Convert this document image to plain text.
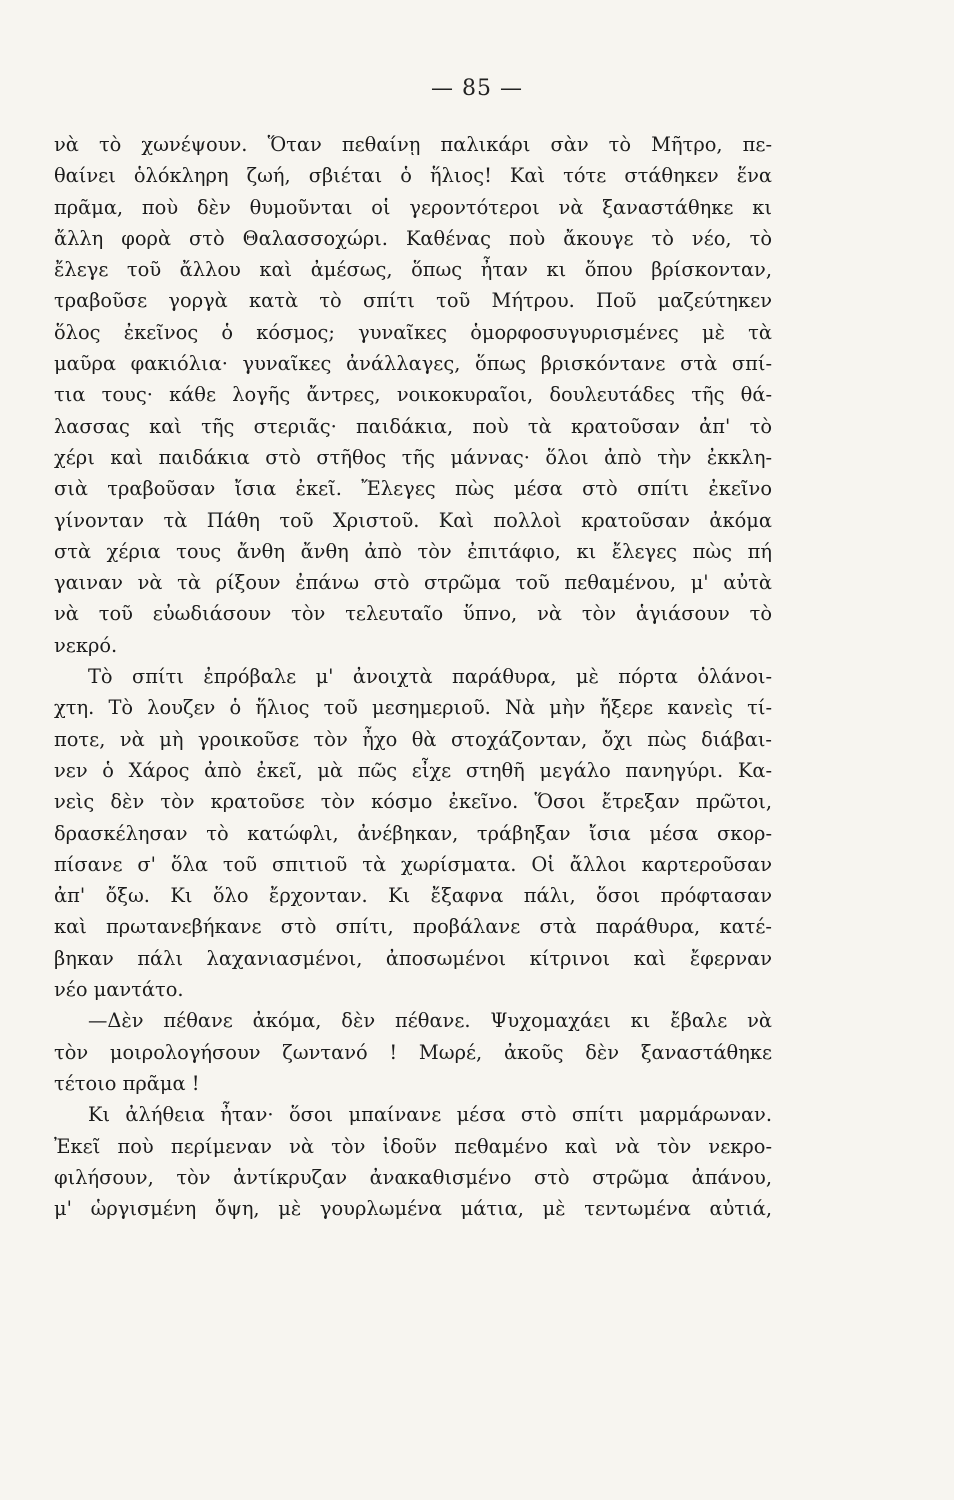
— 85 —
νὰ τὸ χωνέψουν. Ὅταν πεθαίνῃ παλικάρι σὰν τὸ Μῆτρο, πε-
θαίνει ὁλόκληρη ζωή, σβιέται ὁ ἥλιος! Καὶ τότε στάθηκεν ἕνα
πρᾶμα, ποὺ δὲν θυμοῦνται οἱ γεροντότεροι νὰ ξαναστάθηκε κι
ἄλλη φορὰ στὸ Θαλασσοχώρι. Καθένας ποὺ ἄκουγε τὸ νέο, τὸ
ἔλεγε τοῦ ἄλλου καὶ ἀμέσως, ὅπως ἦταν κι ὅπου βρίσκονταν,
τραβοῦσε γοργὰ κατὰ τὸ σπίτι τοῦ Μήτρου. Ποῦ μαζεύτηκεν
ὅλος ἐκεῖνος ὁ κόσμος; γυναῖκες ὁμορφοσυγυρισμένες μὲ τὰ
μαῦρα φακιόλια· γυναῖκες ἀνάλλαγες, ὅπως βρισκόντανε στὰ σπί-
τια τους· κάθε λογῆς ἄντρες, νοικοκυραῖοι, δουλευτάδες τῆς θά-
λασσας καὶ τῆς στεριᾶς· παιδάκια, ποὺ τὰ κρατοῦσαν ἀπ' τὸ
χέρι καὶ παιδάκια στὸ στῆθος τῆς μάννας· ὅλοι ἀπὸ τὴν ἐκκλη-
σιὰ τραβοῦσαν ἴσια ἐκεῖ. Ἔλεγες πὼς μέσα στὸ σπίτι ἐκεῖνο
γίνονταν τὰ Πάθη τοῦ Χριστοῦ. Καὶ πολλοὶ κρατοῦσαν ἀκόμα
στὰ χέρια τους ἄνθη ἄνθη ἀπὸ τὸν ἐπιτάφιο, κι ἔλεγες πὼς πή
γαιναν νὰ τὰ ρίξουν ἐπάνω στὸ στρῶμα τοῦ πεθαμένου, μ' αὐτὰ
νὰ τοῦ εὐωδιάσουν τὸν τελευταῖο ὕπνο, νὰ τὸν ἁγιάσουν τὸ
νεκρό.
Τὸ σπίτι ἐπρόβαλε μ' ἀνοιχτὰ παράθυρα, μὲ πόρτα ὁλάνοι-
χτη. Τὸ λουζεν ὁ ἥλιος τοῦ μεσημεριοῦ. Νὰ μὴν ἤξερε κανεὶς τί-
ποτε, νὰ μὴ γροικοῦσε τὸν ἦχο θὰ στοχάζονταν, ὄχι πὼς διάβαι-
νεν ὁ Χάρος ἀπὸ ἐκεῖ, μὰ πῶς εἶχε στηθῆ μεγάλο πανηγύρι. Κα-
νεὶς δὲν τὸν κρατοῦσε τὸν κόσμο ἐκεῖνο. Ὅσοι ἔτρεξαν πρῶτοι,
δρασκέλησαν τὸ κατώφλι, ἀνέβηκαν, τράβηξαν ἴσια μέσα σκορ-
πίσανε σ' ὅλα τοῦ σπιτιοῦ τὰ χωρίσματα. Οἱ ἄλλοι καρτεροῦσαν
ἀπ' ὄξω. Κι ὅλο ἔρχονταν. Κι ἔξαφνα πάλι, ὅσοι πρόφτασαν
καὶ πρωτανεβήκανε στὸ σπίτι, προβάλανε στὰ παράθυρα, κατέ-
βηκαν πάλι λαχανιασμένοι, ἀποσωμένοι κίτρινοι καὶ ἔφερναν
νέο μαντάτο.
—Δὲν πέθανε ἀκόμα, δὲν πέθανε. Ψυχομαχάει κι ἔβαλε νὰ
τὸν μοιρολογήσουν ζωντανό ! Μωρέ, ἀκοῦς δὲν ξαναστάθηκε
τέτοιο πρᾶμα !
Κι ἀλήθεια ἦταν· ὅσοι μπαίνανε μέσα στὸ σπίτι μαρμάρωναν.
Ἐκεῖ ποὺ περίμεναν νὰ τὸν ἰδοῦν πεθαμένο καὶ νὰ τὸν νεκρο-
φιλήσουν, τὸν ἀντίκρυζαν ἀνακαθισμένο στὸ στρῶμα ἀπάνου,
μ' ὡργισμένη ὄψη, μὲ γουρλωμένα μάτια, μὲ τεντωμένα αὐτιά,
